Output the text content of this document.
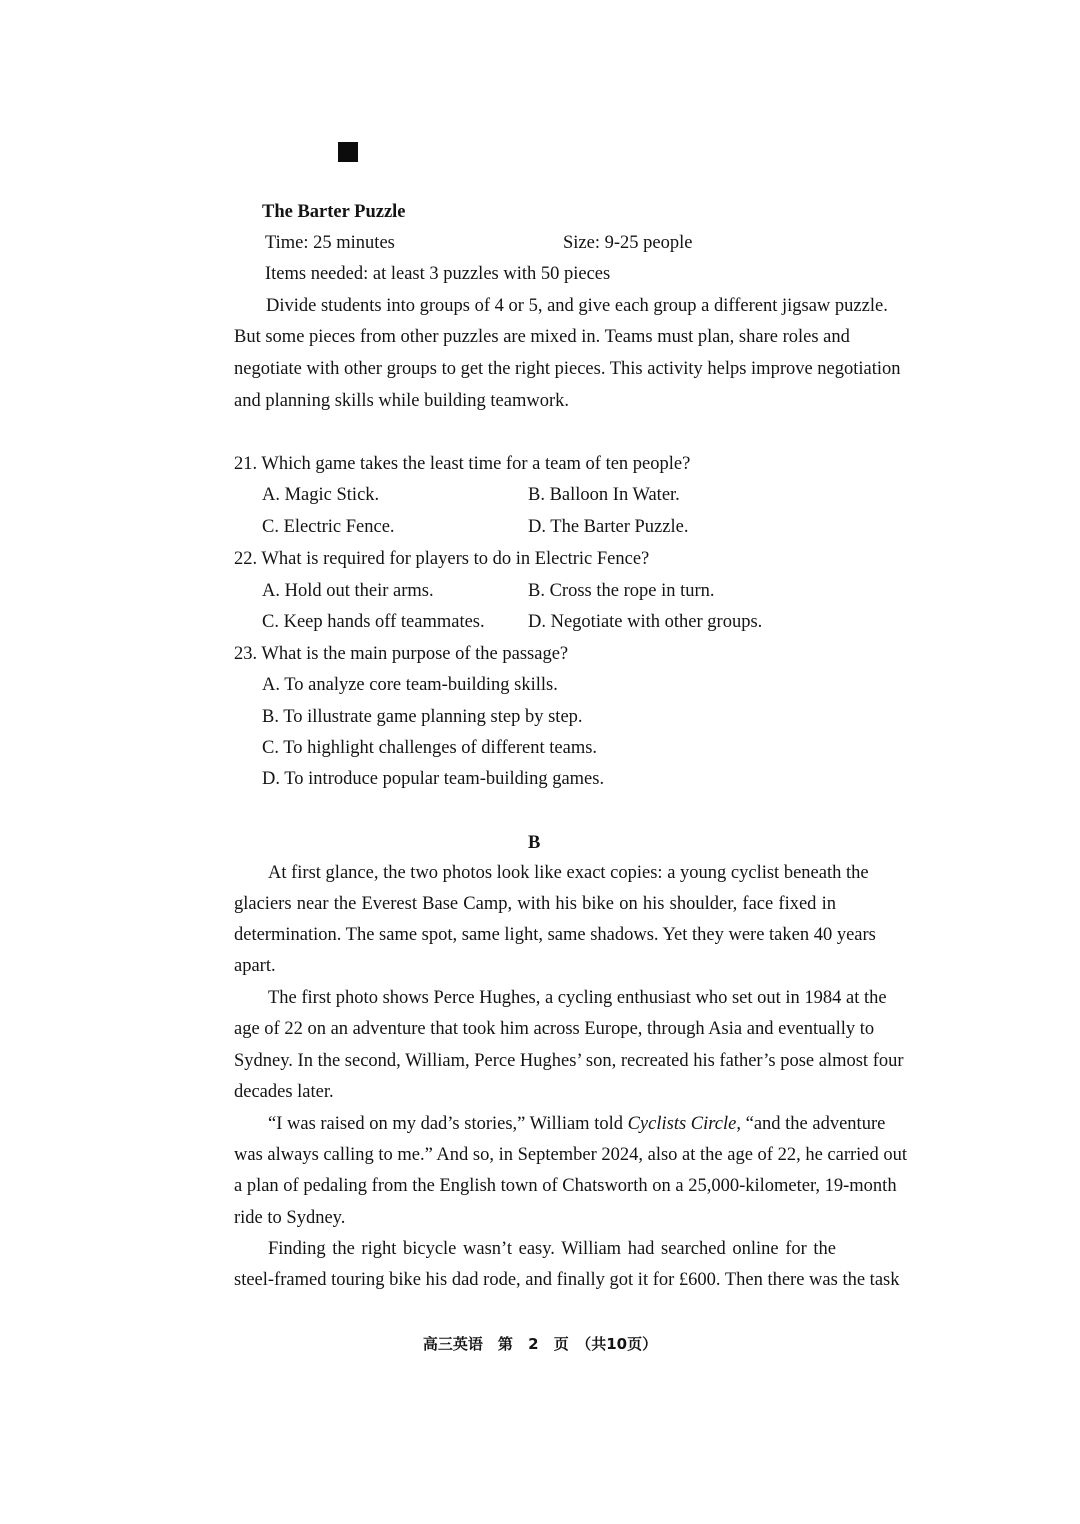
The Barter Puzzle
Time: 25 minutes	Size: 9-25 people
Items needed: at least 3 puzzles with 50 pieces
Divide students into groups of 4 or 5, and give each group a different jigsaw puzzle.
But some pieces from other puzzles are mixed in. Teams must plan, share roles and
negotiate with other groups to get the right pieces. This activity helps improve negotiation
and planning skills while building teamwork.
21. Which game takes the least time for a team of ten people?
A. Magic Stick.	B. Balloon In Water.
C. Electric Fence.	D. The Barter Puzzle.
22. What is required for players to do in Electric Fence?
A. Hold out their arms.	B. Cross the rope in turn.
C. Keep hands off teammates. D. Negotiate with other groups.
23. What is the main purpose of the passage?
A. To analyze core team-building skills.
B. To illustrate game planning step by step.
C. To highlight challenges of different teams.
D. To introduce popular team-building games.
B
At first glance, the two photos look like exact copies: a young cyclist beneath the
glaciers near the Everest Base Camp, with his bike on his shoulder, face fixed in
determination. The same spot, same light, same shadows. Yet they were taken 40 years
apart.
The first photo shows Perce Hughes, a cycling enthusiast who set out in 1984 at the
age of 22 on an adventure that took him across Europe, through Asia and eventually to
Sydney. In the second, William, Perce Hughes’ son, recreated his father’s pose almost four
decades later.
“I was raised on my dad’s stories,” William told Cyclists Circle, “and the adventure
was always calling to me.” And so, in September 2024, also at the age of 22, he carried out
a plan of pedaling from the English town of Chatsworth on a 25,000-kilometer, 19-month
ride to Sydney.
Finding the right bicycle wasn’t easy. William had searched online for the
steel-framed touring bike his dad rode, and finally got it for £600. Then there was the task
高三英语　第 2 页　（共10页）
